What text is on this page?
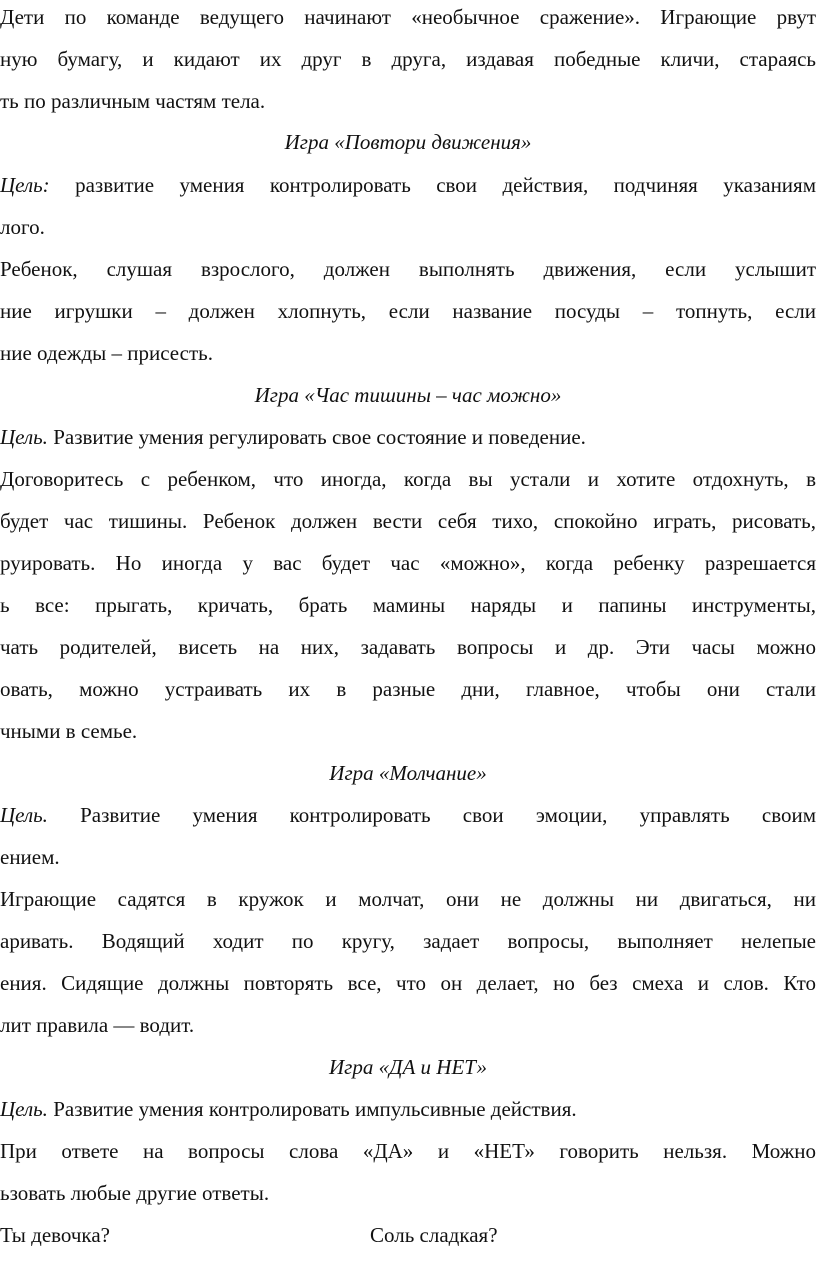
Дети по команде ведущего начинают «необычное сражение». Играющие рвут
ную бумагу, и кидают их друг в друга, издавая победные кличи, стараясь
ть по различным частям тела.
Игра «Повтори движения»
Цель: развитие умения контролировать свои действия, подчиняя указаниям
лого.
Ребенок, слушая взрослого, должен выполнять движения, если услышит
ние игрушки – должен хлопнуть, если название посуды – топнуть, если
ние одежды – присесть.
Игра «Час тишины – час можно»
Цель. Развитие умения регулировать свое состояние и поведение.
Договоритесь с ребенком, что иногда, когда вы устали и хотите отдохнуть, в
будет час тишины. Ребенок должен вести себя тихо, спокойно играть, рисовать,
руировать. Но иногда у вас будет час «можно», когда ребенку разрешается
ь все: прыгать, кричать, брать мамины наряды и папины инструменты,
чать родителей, висеть на них, задавать вопросы и др. Эти часы можно
овать, можно устраивать их в разные дни, главное, чтобы они стали
чными в семье.
Игра «Молчание»
Цель. Развитие умения контролировать свои эмоции, управлять своим
ением.
Играющие садятся в кружок и молчат, они не должны ни двигаться, ни
аривать. Водящий ходит по кругу, задает вопросы, выполняет нелепые
ения. Сидящие должны повторять все, что он делает, но без смеха и слов. Кто
лит правила — водит.
Игра «ДА и НЕТ»
Цель. Развитие умения контролировать импульсивные действия.
При ответе на вопросы слова «ДА» и «НЕТ» говорить нельзя. Можно
ьзовать любые другие ответы.
Ты девочка?	Соль сладкая?
